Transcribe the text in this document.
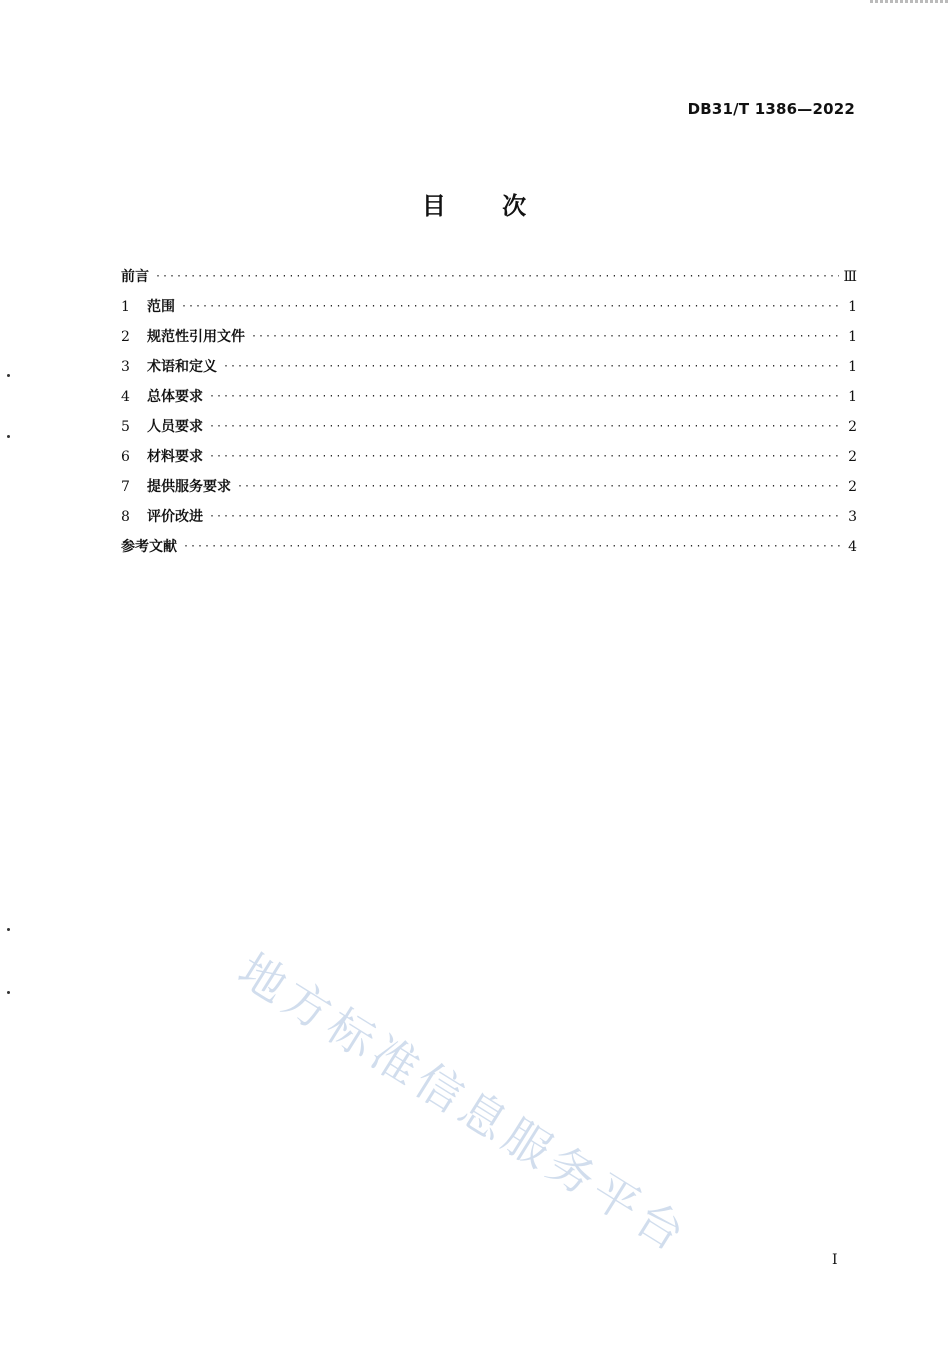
DB31/T 1386—2022
目 次
前言 ·····	Ⅲ
1	范围 ·····	1
2	规范性引用文件 ·····	1
3	术语和定义 ·····	1
4	总体要求 ·····	1
5	人员要求 ·····	2
6	材料要求 ·····	2
7	提供服务要求 ·····	2
8	评价改进 ·····	3
参考文献 ·····	4
地方标准信息服务平台	I
